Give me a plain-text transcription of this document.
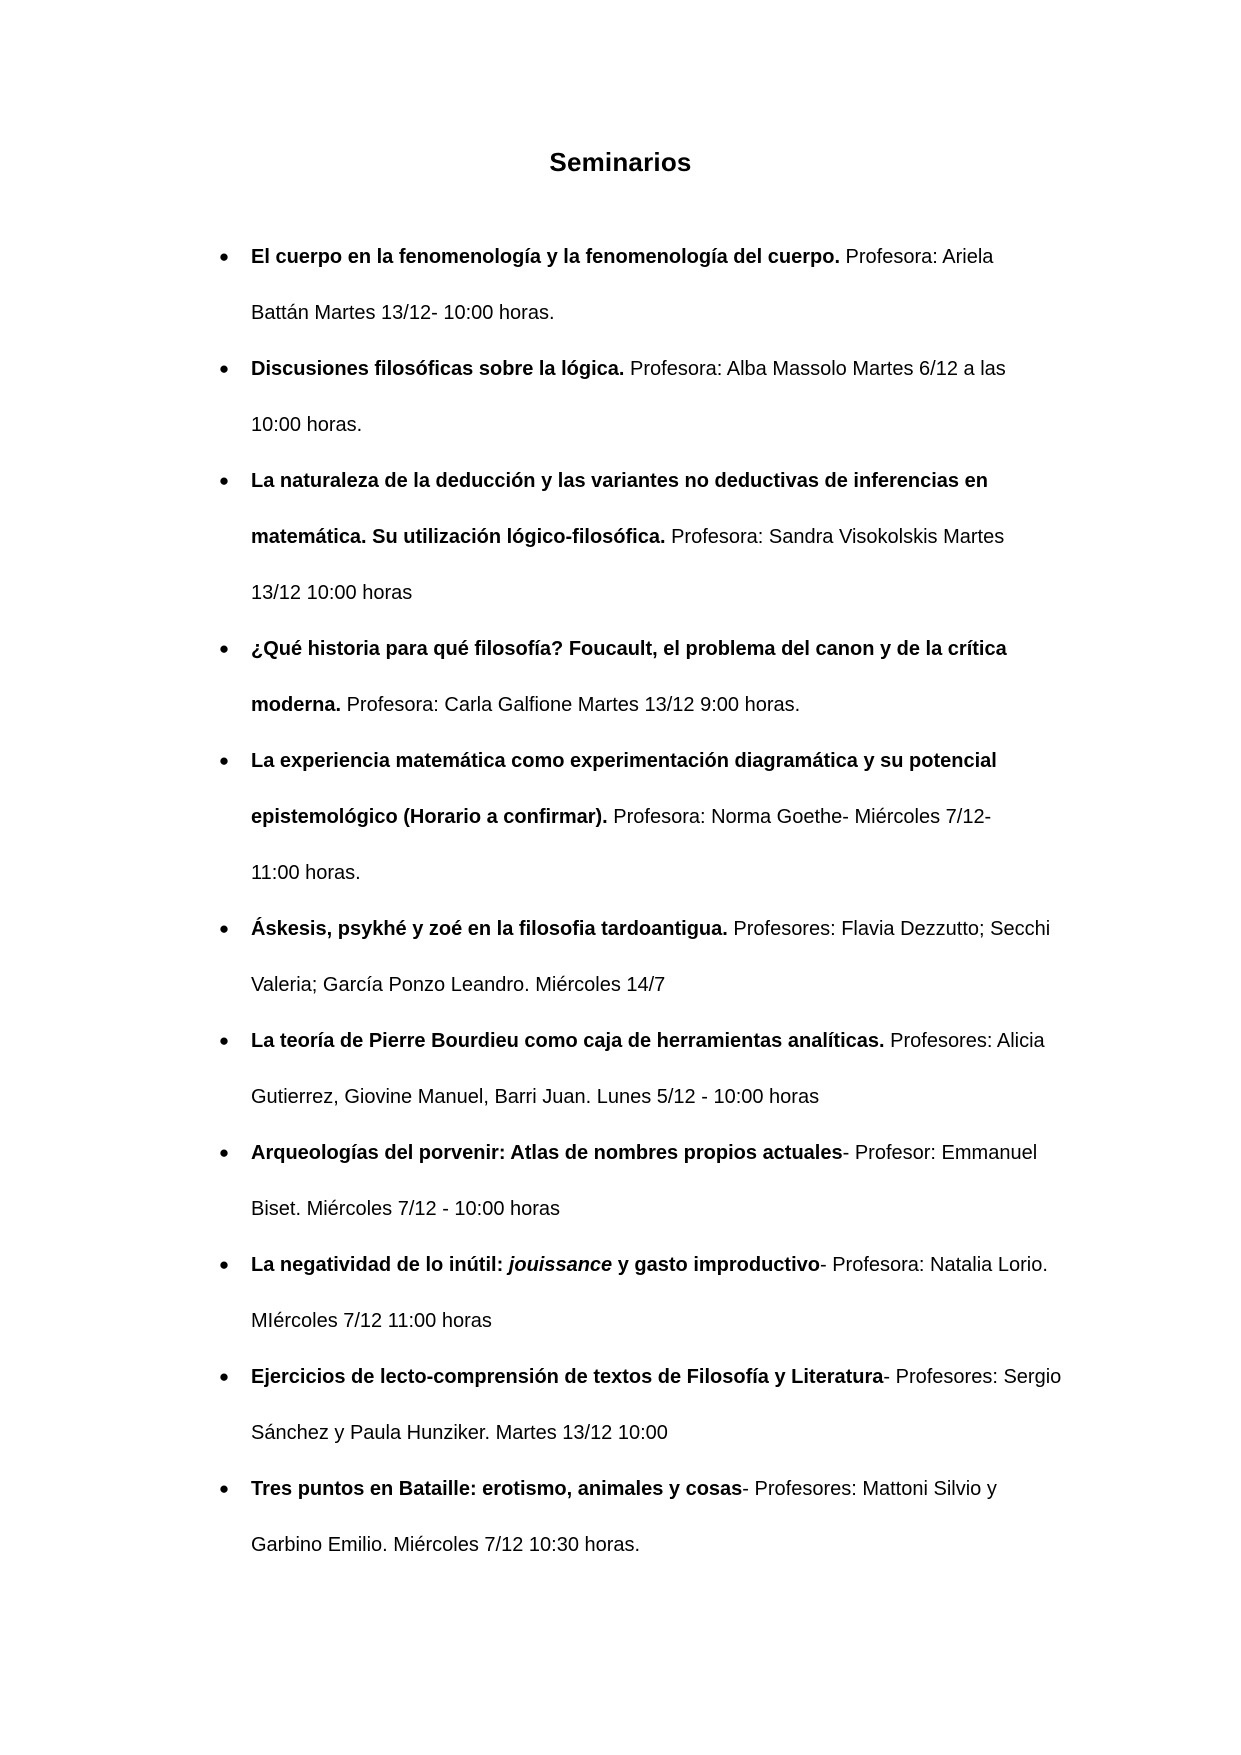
Seminarios
● El cuerpo en la fenomenología y la fenomenología del cuerpo. Profesora: Ariela
Battán Martes 13/12- 10:00 horas.
● Discusiones filosóficas sobre la lógica. Profesora: Alba Massolo Martes 6/12 a las
10:00 horas.
● La naturaleza de la deducción y las variantes no deductivas de inferencias en
matemática. Su utilización lógico-filosófica. Profesora: Sandra Visokolskis Martes
13/12 10:00 horas
● ¿Qué historia para qué filosofía? Foucault, el problema del canon y de la crítica
moderna. Profesora: Carla Galfione Martes 13/12 9:00 horas.
● La experiencia matemática como experimentación diagramática y su potencial
epistemológico (Horario a confirmar). Profesora: Norma Goethe- Miércoles 7/12-
11:00 horas.
● Áskesis, psykhé y zoé en la filosofia tardoantigua. Profesores: Flavia Dezzutto; Secchi
Valeria; García Ponzo Leandro. Miércoles 14/7
● La teoría de Pierre Bourdieu como caja de herramientas analíticas. Profesores: Alicia
Gutierrez, Giovine Manuel, Barri Juan. Lunes 5/12 - 10:00 horas
● Arqueologías del porvenir: Atlas de nombres propios actuales- Profesor: Emmanuel
Biset. Miércoles 7/12 - 10:00 horas
● La negatividad de lo inútil: jouissance y gasto improductivo- Profesora: Natalia Lorio.
MIércoles 7/12 11:00 horas
● Ejercicios de lecto-comprensión de textos de Filosofía y Literatura- Profesores: Sergio
Sánchez y Paula Hunziker. Martes 13/12 10:00
● Tres puntos en Bataille: erotismo, animales y cosas- Profesores: Mattoni Silvio y
Garbino Emilio. Miércoles 7/12 10:30 horas.
